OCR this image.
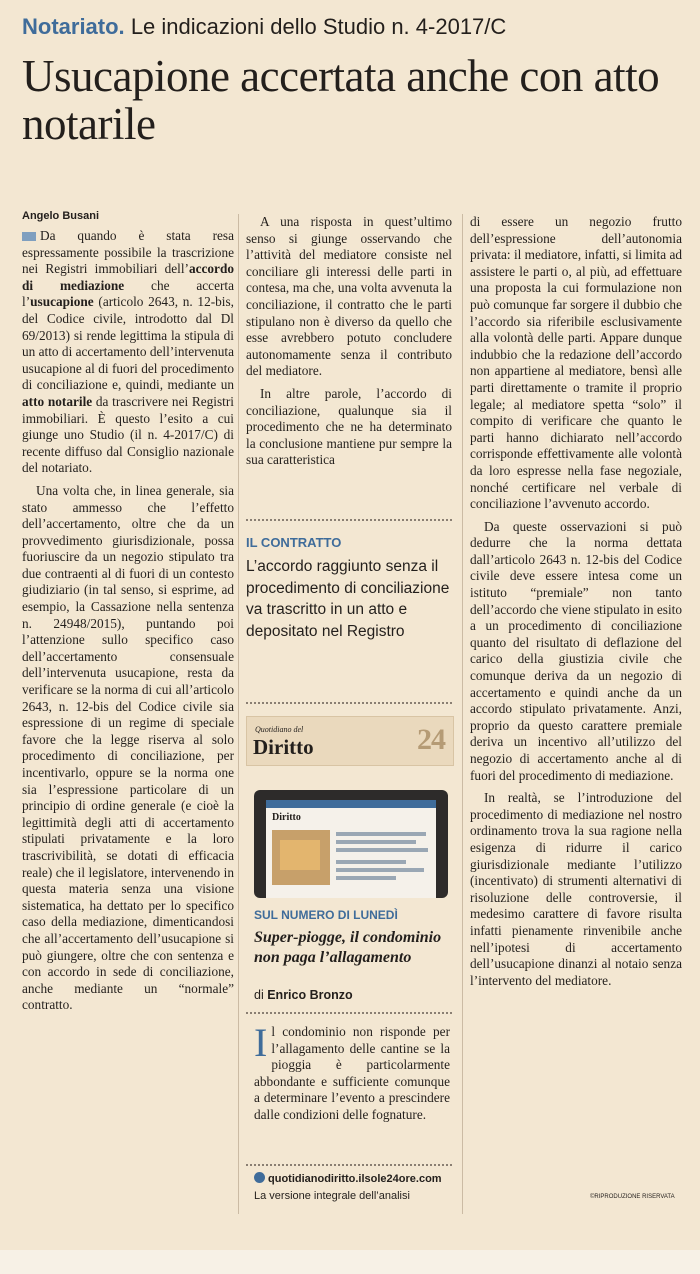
Notariato. Le indicazioni dello Studio n. 4-2017/C
Usucapione accertata anche con atto notarile
Angelo Busani

Da quando è stata resa espressamente possibile la trascrizione nei Registri immobiliari dell’accordo di mediazione che accerta l’usucapione (articolo 2643, n. 12-bis, del Codice civile, introdotto dal Dl 69/2013) si rende legittima la stipula di un atto di accertamento dell’intervenuta usucapione al di fuori del procedimento di conciliazione e, quindi, mediante un atto notarile da trascrivere nei Registri immobiliari. È questo l’esito a cui giunge uno Studio (il n. 4-2017/C) di recente diffuso dal Consiglio nazionale del notariato.

Una volta che, in linea generale, sia stato ammesso che l’effetto dell’accertamento, oltre che da un provvedimento giurisdizionale, possa fuoriuscire da un negozio stipulato tra due contraenti al di fuori di un contesto giudiziario (in tal senso, si esprime, ad esempio, la Cassazione nella sentenza n. 24948/2015), puntando poi l’attenzione sullo specifico caso dell’accertamento consensuale dell’intervenuta usucapione, resta da verificare se la norma di cui all’articolo 2643, n. 12-bis del Codice civile sia espressione di un regime di speciale favore che la legge riserva al solo procedimento di conciliazione, per incentivarlo, oppure se la norma one sia l’espressione particolare di un principio di ordine generale (e cioè la legittimità degli atti di accertamento stipulati privatamente e la loro trascrivibilità, se dotati di efficacia reale) che il legislatore, intervenendo in questa materia senza una visione sistematica, ha dettato per lo specifico caso della mediazione, dimenticandosi che all’accertamento dell’usucapione si può giungere, oltre che con sentenza e con accordo in sede di conciliazione, anche mediante un “normale” contratto.

A una risposta in quest’ultimo senso si giunge osservando che l’attività del mediatore consiste nel conciliare gli interessi delle parti in contesa, ma che, una volta avvenuta la conciliazione, il contratto che le parti stipulano non è diverso da quello che esse avrebbero potuto concludere autonomamente senza il contributo del mediatore.

In altre parole, l’accordo di conciliazione, qualunque sia il procedimento che ne ha determinato la conclusione mantiene pur sempre la sua caratteristica

IL CONTRATTO
L’accordo raggiunto senza il procedimento di conciliazione va trascritto in un atto e depositato nel Registro
Quotidiano del
Diritto	24
Diritto
SUL NUMERO DI LUNEDÌ
Super-piogge, il condominio non paga l’allagamento
di Enrico Bronzo
Il condominio non risponde per l’allagamento delle cantine se la pioggia è particolarmente abbondante e sufficiente comunque a determinare l’evento a prescindere dalle condizioni delle fognature.
quotidianodiritto.ilsole24ore.com
La versione integrale dell’analisi

di essere un negozio frutto dell’espressione dell’autonomia privata: il mediatore, infatti, si limita ad assistere le parti o, al più, ad effettuare una proposta la cui formulazione non può comunque far sorgere il dubbio che l’accordo sia riferibile esclusivamente alla volontà delle parti. Appare dunque indubbio che la redazione dell’accordo non appartiene al mediatore, bensì alle parti direttamente o tramite il proprio legale; al mediatore spetta “solo” il compito di verificare che quanto le parti hanno dichiarato nell’accordo corrisponde effettivamente alle volontà da loro espresse nella fase negoziale, nonché certificare nel verbale di conciliazione l’avvenuto accordo.

Da queste osservazioni si può dedurre che la norma dettata dall’articolo 2643 n. 12-bis del Codice civile deve essere intesa come un istituto “premiale” non tanto dell’accordo che viene stipulato in esito a un procedimento di conciliazione quanto del risultato di deflazione del carico della giustizia civile che comunque deriva da un negozio di accertamento e quindi anche da un accordo stipulato privatamente. Anzi, proprio da questo carattere premiale deriva un incentivo all’utilizzo del negozio di accertamento anche al di fuori del procedimento di mediazione.

In realtà, se l’introduzione del procedimento di mediazione nel nostro ordinamento trova la sua ragione nella esigenza di ridurre il carico giurisdizionale mediante l’utilizzo (incentivato) di strumenti alternativi di risoluzione delle controversie, il medesimo carattere di favore risulta infatti pienamente rinvenibile anche nell’ipotesi di accertamento dell’usucapione dinanzi al notaio senza l’intervento del mediatore.

©RIPRODUZIONE RISERVATA
